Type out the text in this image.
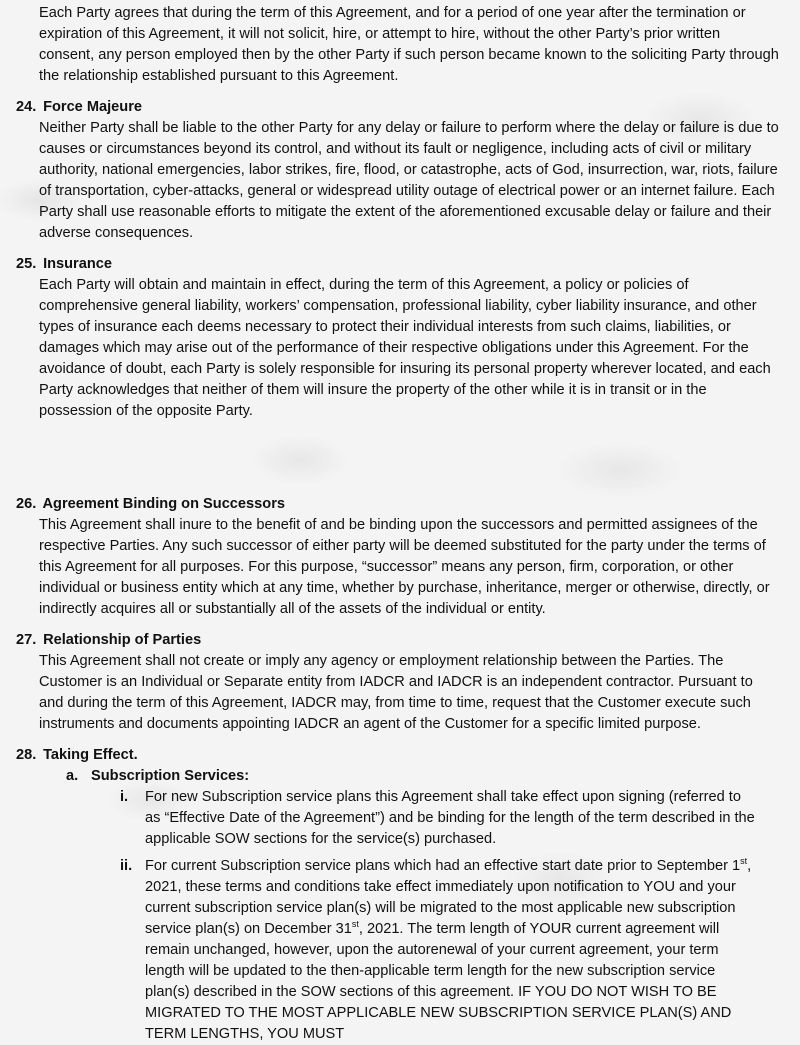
Each Party agrees that during the term of this Agreement, and for a period of one year after the termination or expiration of this Agreement, it will not solicit, hire, or attempt to hire, without the other Party’s prior written consent, any person employed then by the other Party if such person became known to the soliciting Party through the relationship established pursuant to this Agreement.
24. Force Majeure
Neither Party shall be liable to the other Party for any delay or failure to perform where the delay or failure is due to causes or circumstances beyond its control, and without its fault or negligence, including acts of civil or military authority, national emergencies, labor strikes, fire, flood, or catastrophe, acts of God, insurrection, war, riots, failure of transportation, cyber-attacks, general or widespread utility outage of electrical power or an internet failure. Each Party shall use reasonable efforts to mitigate the extent of the aforementioned excusable delay or failure and their adverse consequences.
25. Insurance
Each Party will obtain and maintain in effect, during the term of this Agreement, a policy or policies of comprehensive general liability, workers’ compensation, professional liability, cyber liability insurance, and other types of insurance each deems necessary to protect their individual interests from such claims, liabilities, or damages which may arise out of the performance of their respective obligations under this Agreement. For the avoidance of doubt, each Party is solely responsible for insuring its personal property wherever located, and each Party acknowledges that neither of them will insure the property of the other while it is in transit or in the possession of the opposite Party.
26. Agreement Binding on Successors
This Agreement shall inure to the benefit of and be binding upon the successors and permitted assignees of the respective Parties. Any such successor of either party will be deemed substituted for the party under the terms of this Agreement for all purposes. For this purpose, “successor” means any person, firm, corporation, or other individual or business entity which at any time, whether by purchase, inheritance, merger or otherwise, directly, or indirectly acquires all or substantially all of the assets of the individual or entity.
27. Relationship of Parties
This Agreement shall not create or imply any agency or employment relationship between the Parties. The Customer is an Individual or Separate entity from IADCR and IADCR is an independent contractor. Pursuant to and during the term of this Agreement, IADCR may, from time to time, request that the Customer execute such instruments and documents appointing IADCR an agent of the Customer for a specific limited purpose.
28. Taking Effect.
a. Subscription Services:
i. For new Subscription service plans this Agreement shall take effect upon signing (referred to as “Effective Date of the Agreement”) and be binding for the length of the term described in the applicable SOW sections for the service(s) purchased.
ii. For current Subscription service plans which had an effective start date prior to September 1st, 2021, these terms and conditions take effect immediately upon notification to YOU and your current subscription service plan(s) will be migrated to the most applicable new subscription service plan(s) on December 31st, 2021. The term length of YOUR current agreement will remain unchanged, however, upon the autorenewal of your current agreement, your term length will be updated to the then-applicable term length for the new subscription service plan(s) described in the SOW sections of this agreement. IF YOU DO NOT WISH TO BE MIGRATED TO THE MOST APPLICABLE NEW SUBSCRIPTION SERVICE PLAN(S) AND TERM LENGTHS, YOU MUST
